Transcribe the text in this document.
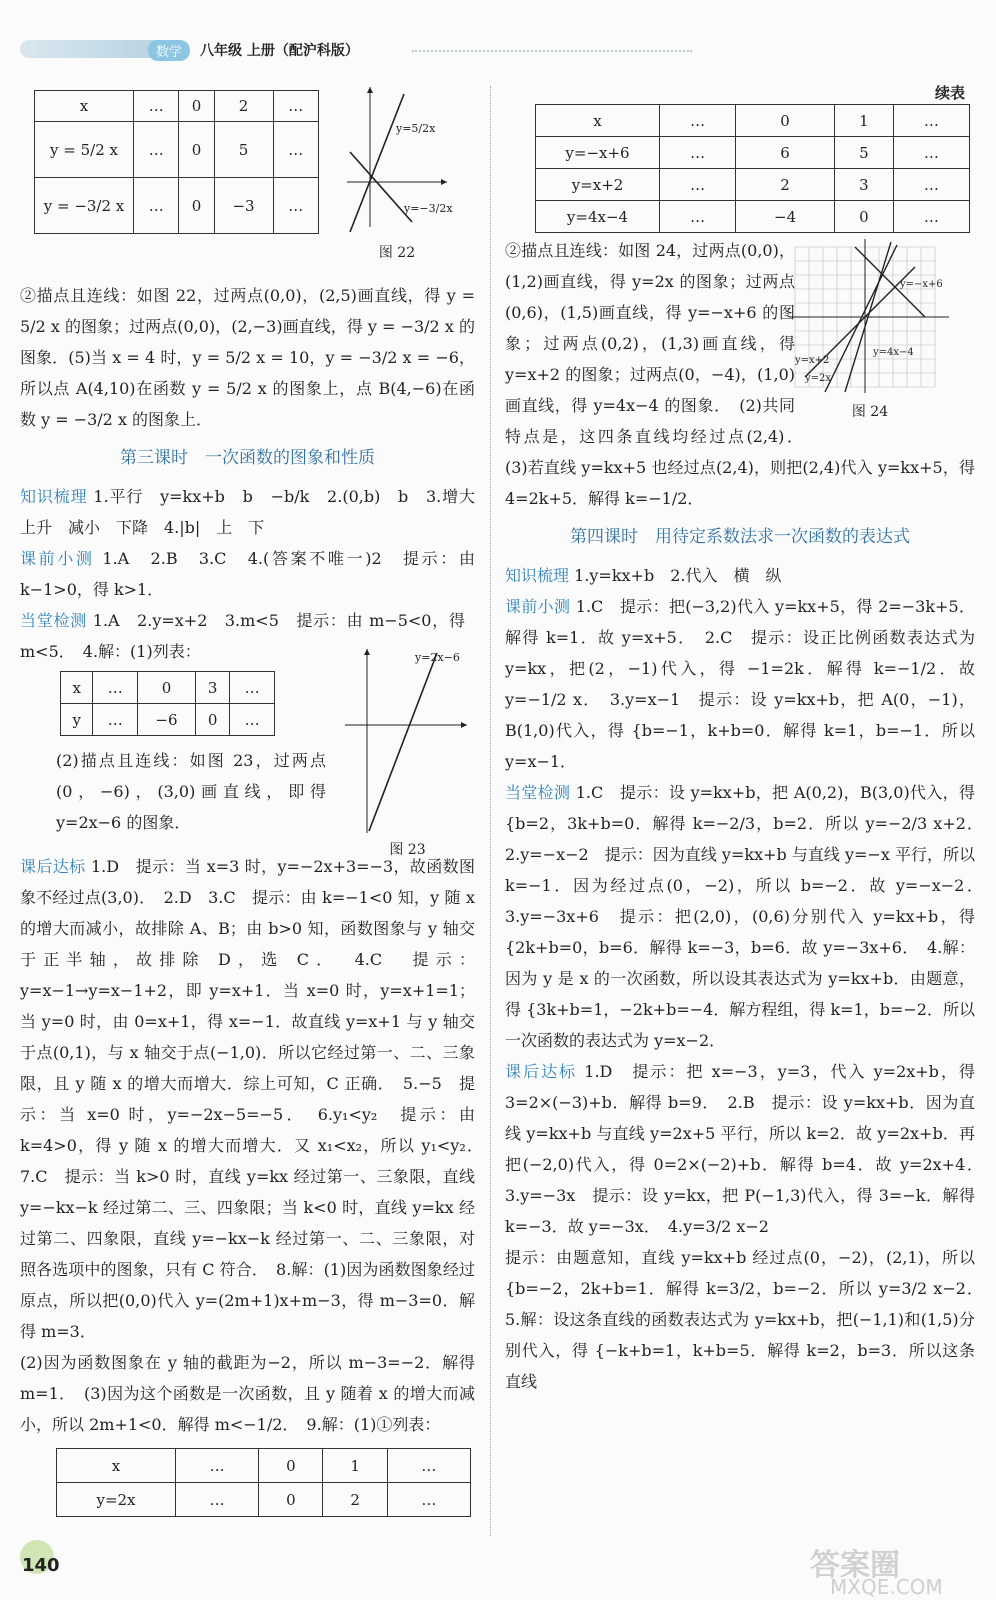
数学	八年级 上册（配沪科版）
x	…	0	2	…
y = 5/2 x	…	0	5	…
y = −3/2 x	…	0	−3	…
y=5/2x
y=−3/2x
图 22

②描点且连线：如图 22，过两点(0,0)，(2,5)画直线，得 y = 5/2 x 的图象；过两点(0,0)，(2,−3)画直线，得 y = −3/2 x 的图象．(5)当 x = 4 时，y = 5/2 x = 10，y = −3/2 x = −6，所以点 A(4,10)在函数 y = 5/2 x 的图象上，点 B(4,−6)在函数 y = −3/2 x 的图象上．

第三课时　一次函数的图象和性质

知识梳理 1.平行　y=kx+b　b　−b/k　2.(0,b)　b　3.增大　上升　减小　下降　4.|b|　上　下

课前小测 1.A　2.B　3.C　4.(答案不唯一)2　提示：由 k−1>0，得 k>1．

当堂检测 1.A　2.y=x+2　3.m<5　提示：由 m−5<0，得 m<5．　4.解：(1)列表：

x	…	0	3	…
y	…	−6	0	…

(2)描点且连线：如图 23，过两点(0，−6)，(3,0)画直线，即得 y=2x−6 的图象．

y=2x−6
图 23

课后达标 1.D　提示：当 x=3 时，y=−2x+3=−3，故函数图象不经过点(3,0)．　2.D　3.C　提示：由 k=−1<0 知，y 随 x 的增大而减小，故排除 A、B；由 b>0 知，函数图象与 y 轴交于正半轴，故排除 D，选 C．　4.C　提示：y=x−1→y=x−1+2，即 y=x+1．当 x=0 时，y=x+1=1；当 y=0 时，由 0=x+1，得 x=−1．故直线 y=x+1 与 y 轴交于点(0,1)，与 x 轴交于点(−1,0)．所以它经过第一、二、三象限，且 y 随 x 的增大而增大．综上可知，C 正确．　5.−5　提示：当 x=0 时，y=−2x−5=−5．　6.y₁<y₂　提示：由 k=4>0，得 y 随 x 的增大而增大．又 x₁<x₂，所以 y₁<y₂．　7.C　提示：当 k>0 时，直线 y=kx 经过第一、三象限，直线 y=−kx−k 经过第二、三、四象限；当 k<0 时，直线 y=kx 经过第二、四象限，直线 y=−kx−k 经过第一、二、三象限，对照各选项中的图象，只有 C 符合．　8.解：(1)因为函数图象经过原点，所以把(0,0)代入 y=(2m+1)x+m−3，得 m−3=0．解得 m=3．

(2)因为函数图象在 y 轴的截距为−2，所以 m−3=−2．解得 m=1．　(3)因为这个函数是一次函数，且 y 随着 x 的增大而减小，所以 2m+1<0．解得 m<−1/2．　9.解：(1)①列表：

x	…	0	1	…
y=2x	…	0	2	…
续表
x	…	0	1	…
y=−x+6	…	6	5	…
y=x+2	…	2	3	…
y=4x−4	…	−4	0	…
y=−x+6
y=4x−4
y=x+2
y=2x
图 24

②描点且连线：如图 24，过两点(0,0)，(1,2)画直线，得 y=2x 的图象；过两点(0,6)，(1,5)画直线，得 y=−x+6 的图象；过两点(0,2)，(1,3)画直线，得 y=x+2 的图象；过两点(0，−4)，(1,0)画直线，得 y=4x−4 的图象．　(2)共同特点是，这四条直线均经过点(2,4)．　(3)若直线 y=kx+5 也经过点(2,4)，则把(2,4)代入 y=kx+5，得 4=2k+5．解得 k=−1/2．

第四课时　用待定系数法求一次函数的表达式

知识梳理 1.y=kx+b　2.代入　横　纵

课前小测 1.C　提示：把(−3,2)代入 y=kx+5，得 2=−3k+5．解得 k=1．故 y=x+5．　2.C　提示：设正比例函数表达式为 y=kx，把(2，−1)代入，得 −1=2k．解得 k=−1/2．故 y=−1/2 x．　3.y=x−1　提示：设 y=kx+b，把 A(0，−1)，B(1,0)代入，得 {b=−1，k+b=0．解得 k=1，b=−1．所以 y=x−1．

当堂检测 1.C　提示：设 y=kx+b，把 A(0,2)，B(3,0)代入，得 {b=2，3k+b=0．解得 k=−2/3，b=2．所以 y=−2/3 x+2．　2.y=−x−2　提示：因为直线 y=kx+b 与直线 y=−x 平行，所以 k=−1．因为经过点(0，−2)，所以 b=−2．故 y=−x−2．　3.y=−3x+6　提示：把(2,0)，(0,6)分别代入 y=kx+b，得 {2k+b=0，b=6．解得 k=−3，b=6．故 y=−3x+6．　4.解：因为 y 是 x 的一次函数，所以设其表达式为 y=kx+b．由题意，得 {3k+b=1，−2k+b=−4．解方程组，得 k=1，b=−2．所以一次函数的表达式为 y=x−2．

课后达标 1.D　提示：把 x=−3，y=3，代入 y=2x+b，得 3=2×(−3)+b．解得 b=9．　2.B　提示：设 y=kx+b．因为直线 y=kx+b 与直线 y=2x+5 平行，所以 k=2．故 y=2x+b．再把(−2,0)代入，得 0=2×(−2)+b．解得 b=4．故 y=2x+4．　3.y=−3x　提示：设 y=kx，把 P(−1,3)代入，得 3=−k．解得 k=−3．故 y=−3x．　4.y=3/2 x−2

提示：由题意知，直线 y=kx+b 经过点(0，−2)，(2,1)，所以 {b=−2，2k+b=1．解得 k=3/2，b=−2．所以 y=3/2 x−2．　5.解：设这条直线的函数表达式为 y=kx+b，把(−1,1)和(1,5)分别代入，得 {−k+b=1，k+b=5．解得 k=2，b=3．所以这条直线

140	答案圈
MXQE.COM
